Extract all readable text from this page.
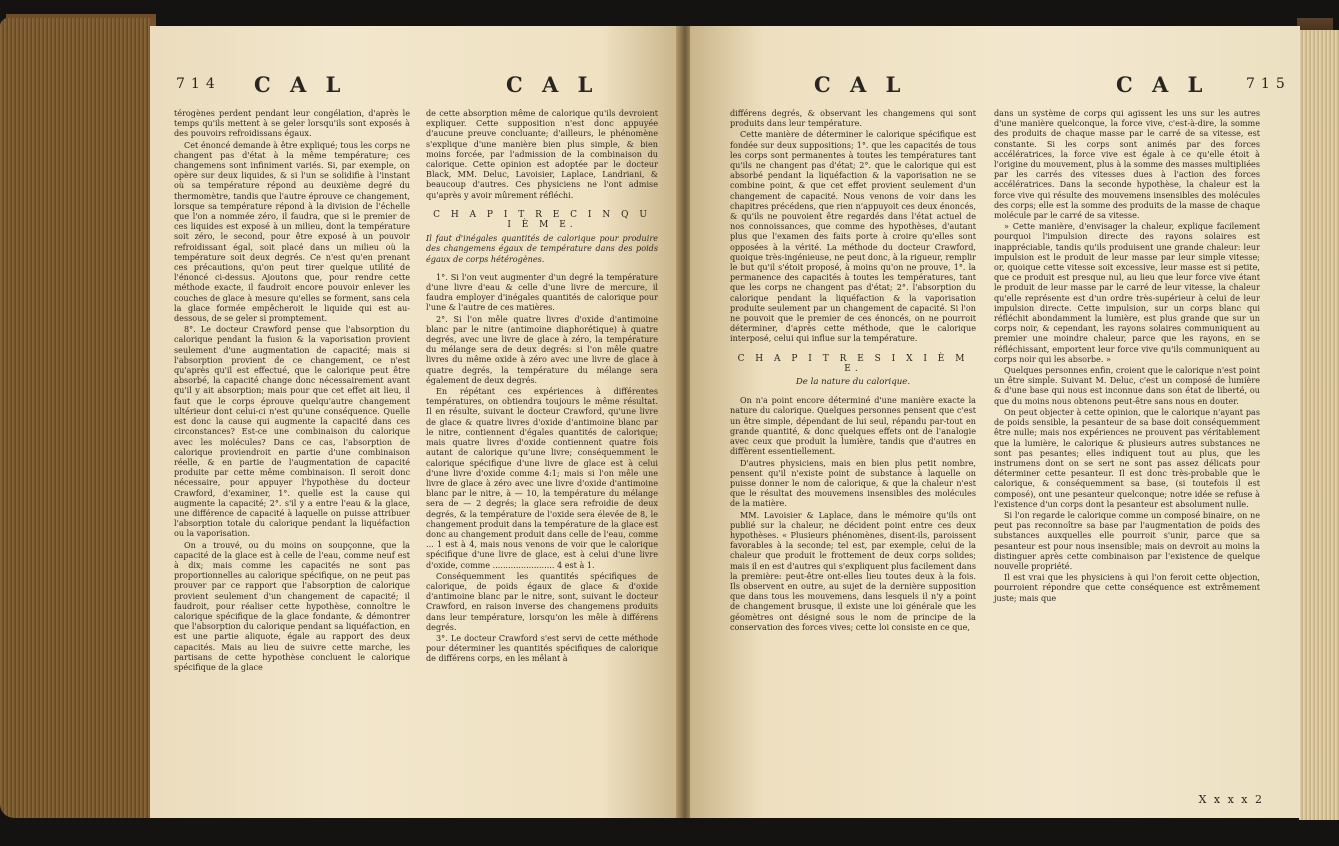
714 C A L	C A L

térogènes perdent pendant leur congélation, d'après le temps qu'ils mettent à se geler lorsqu'ils sont exposés à des pouvoirs refroidissans égaux.

Cet énoncé demande à être expliqué; tous les corps ne changent pas d'état à la même température; ces changemens sont infiniment variés. Si, par exemple, on opère sur deux liquides, & si l'un se solidifie à l'instant où sa température répond au deuxième degré du thermomètre, tandis que l'autre éprouve ce changement, lorsque sa température répond à la division de l'échelle que l'on a nommée zéro, il faudra, que si le premier de ces liquides est exposé à un milieu, dont la température soit zéro, le second, pour être exposé à un pouvoir refroidissant égal, soit placé dans un milieu où la température soit deux degrés. Ce n'est qu'en prenant ces précautions, qu'on peut tirer quelque utilité de l'énoncé ci-dessus. Ajoutons que, pour rendre cette méthode exacte, il faudroit encore pouvoir enlever les couches de glace à mesure qu'elles se forment, sans cela la glace formée empêcheroit le liquide qui est au-dessous, de se geler si promptement.

8°. Le docteur Crawford pense que l'absorption du calorique pendant la fusion & la vaporisation provient seulement d'une augmentation de capacité; mais si l'absorption provient de ce changement, ce n'est qu'après qu'il est effectué, que le calorique peut être absorbé, la capacité change donc nécessairement avant qu'il y ait absorption; mais pour que cet effet ait lieu, il faut que le corps éprouve quelqu'autre changement ultérieur dont celui-ci n'est qu'une conséquence. Quelle est donc la cause qui augmente la capacité dans ces circonstances? Est-ce une combinaison du calorique avec les molécules? Dans ce cas, l'absorption de calorique proviendroit en partie d'une combinaison réelle, & en partie de l'augmentation de capacité produite par cette même combinaison. Il seroit donc nécessaire, pour appuyer l'hypothèse du docteur Crawford, d'examiner, 1°. quelle est la cause qui augmente la capacité; 2°. s'il y a entre l'eau & la glace, une différence de capacité à laquelle on puisse attribuer l'absorption totale du calorique pendant la liquéfaction ou la vaporisation.

On a trouvé, ou du moins on soupçonne, que la capacité de la glace est à celle de l'eau, comme neuf est à dix; mais comme les capacités ne sont pas proportionnelles au calorique spécifique, on ne peut pas prouver par ce rapport que l'absorption de calorique provient seulement d'un changement de capacité; il faudroit, pour réaliser cette hypothèse, connoître le calorique spécifique de la glace fondante, & démontrer que l'absorption du calorique pendant sa liquéfaction, en est une partie aliquote, égale au rapport des deux capacités. Mais au lieu de suivre cette marche, les partisans de cette hypothèse concluent le calorique spécifique de la glace

de cette absorption même de calorique qu'ils devroient expliquer. Cette supposition n'est donc appuyée d'aucune preuve concluante; d'ailleurs, le phénomène s'explique d'une manière bien plus simple, & bien moins forcée, par l'admission de la combinaison du calorique. Cette opinion est adoptée par le docteur Black, MM. Deluc, Lavoisier, Laplace, Landriani, & beaucoup d'autres. Ces physiciens ne l'ont admise qu'après y avoir mûrement réfléchi.

C H A P I T R E C I N Q U I È M E.

Il faut d'inégales quantités de calorique pour produire des changemens égaux de température dans des poids égaux de corps hétérogènes.

1°. Si l'on veut augmenter d'un degré la température d'une livre d'eau & celle d'une livre de mercure, il faudra employer d'inégales quantités de calorique pour l'une & l'autre de ces matières.

2°. Si l'on mêle quatre livres d'oxide d'antimoine blanc par le nitre (antimoine diaphorétique) à quatre degrés, avec une livre de glace à zéro, la température du mélange sera de deux degrés: si l'on mêle quatre livres du même oxide à zéro avec une livre de glace à quatre degrés, la température du mélange sera également de deux degrés.

En répétant ces expériences à différentes températures, on obtiendra toujours le même résultat. Il en résulte, suivant le docteur Crawford, qu'une livre de glace & quatre livres d'oxide d'antimoine blanc par le nitre, contiennent d'égales quantités de calorique; mais quatre livres d'oxide contiennent quatre fois autant de calorique qu'une livre; conséquemment le calorique spécifique d'une livre de glace est à celui d'une livre d'oxide comme 4:1; mais si l'on mêle une livre de glace à zéro avec une livre d'oxide d'antimoine blanc par le nitre, à — 10, la température du mélange sera de — 2 degrés; la glace sera refroidie de deux degrés, & la température de l'oxide sera élevée de 8, le changement produit dans la température de la glace est donc au changement produit dans celle de l'eau, comme ... 1 est à 4, mais nous venons de voir que le calorique spécifique d'une livre de glace, est à celui d'une livre d'oxide, comme ........................ 4 est à 1.

Conséquemment les quantités spécifiques de calorique, de poids égaux de glace & d'oxide d'antimoine blanc par le nitre, sont, suivant le docteur Crawford, en raison inverse des changemens produits dans leur température, lorsqu'on les mêle à différens degrés.

3°. Le docteur Crawford s'est servi de cette méthode pour déterminer les quantités spécifiques de calorique de différens corps, en les mêlant à

C A L	C A L	715

différens degrés, & observant les changemens qui sont produits dans leur température.

Cette manière de déterminer le calorique spécifique est fondée sur deux suppositions; 1°. que les capacités de tous les corps sont permanentes à toutes les températures tant qu'ils ne changent pas d'état; 2°. que le calorique qui est absorbé pendant la liquéfaction & la vaporisation ne se combine point, & que cet effet provient seulement d'un changement de capacité. Nous venons de voir dans les chapitres précédens, que rien n'appuyoit ces deux énoncés, & qu'ils ne pouvoient être regardés dans l'état actuel de nos connoissances, que comme des hypothèses, d'autant plus que l'examen des faits porte à croire qu'elles sont opposées à la vérité. La méthode du docteur Crawford, quoique très-ingénieuse, ne peut donc, à la rigueur, remplir le but qu'il s'étoit proposé, à moins qu'on ne prouve, 1°. la permanence des capacités à toutes les températures, tant que les corps ne changent pas d'état; 2°. l'absorption du calorique pendant la liquéfaction & la vaporisation produite seulement par un changement de capacité. Si l'on ne pouvoit que le premier de ces énoncés, on ne pourroit déterminer, d'après cette méthode, que le calorique interposé, celui qui influe sur la température.

C H A P I T R E S I X I È M E.
De la nature du calorique.

On n'a point encore déterminé d'une manière exacte la nature du calorique. Quelques personnes pensent que c'est un être simple, dépendant de lui seul, répandu par-tout en grande quantité, & donc quelques effets ont de l'analogie avec ceux que produit la lumière, tandis que d'autres en diffèrent essentiellement.

D'autres physiciens, mais en bien plus petit nombre, pensent qu'il n'existe point de substance à laquelle on puisse donner le nom de calorique, & que la chaleur n'est que le résultat des mouvemens insensibles des molécules de la matière.

MM. Lavoisier & Laplace, dans le mémoire qu'ils ont publié sur la chaleur, ne décident point entre ces deux hypothèses. « Plusieurs phénomènes, disent-ils, paroissent favorables à la seconde; tel est, par exemple, celui de la chaleur que produit le frottement de deux corps solides; mais il en est d'autres qui s'expliquent plus facilement dans la première: peut-être ont-elles lieu toutes deux à la fois. Ils observent en outre, au sujet de la dernière supposition que dans tous les mouvemens, dans lesquels il n'y a point de changement brusque, il existe une loi générale que les géomètres ont désigné sous le nom de principe de la conservation des forces vives; cette loi consiste en ce que,

dans un système de corps qui agissent les uns sur les autres d'une manière quelconque, la force vive, c'est-à-dire, la somme des produits de chaque masse par le carré de sa vitesse, est constante. Si les corps sont animés par des forces accélératrices, la force vive est égale à ce qu'elle étoit à l'origine du mouvement, plus à la somme des masses multipliées par les carrés des vitesses dues à l'action des forces accélératrices. Dans la seconde hypothèse, la chaleur est la force vive qui résulte des mouvemens insensibles des molécules des corps; elle est la somme des produits de la masse de chaque molécule par le carré de sa vitesse.

» Cette manière, d'envisager la chaleur, explique facilement pourquoi l'impulsion directe des rayons solaires est inappréciable, tandis qu'ils produisent une grande chaleur: leur impulsion est le produit de leur masse par leur simple vitesse; or, quoique cette vitesse soit excessive, leur masse est si petite, que ce produit est presque nul, au lieu que leur force vive étant le produit de leur masse par le carré de leur vitesse, la chaleur qu'elle représente est d'un ordre très-supérieur à celui de leur impulsion directe. Cette impulsion, sur un corps blanc qui réfléchit abondamment la lumière, est plus grande que sur un corps noir, & cependant, les rayons solaires communiquent au premier une moindre chaleur, parce que les rayons, en se réfléchissant, emportent leur force vive qu'ils communiquent au corps noir qui les absorbe. »

Quelques personnes enfin, croient que le calorique n'est point un être simple. Suivant M. Deluc, c'est un composé de lumière & d'une base qui nous est inconnue dans son état de liberté, ou que du moins nous obtenons peut-être sans nous en douter.

On peut objecter à cette opinion, que le calorique n'ayant pas de poids sensible, la pesanteur de sa base doit conséquemment être nulle; mais nos expériences ne prouvent pas véritablement que la lumière, le calorique & plusieurs autres substances ne sont pas pesantes; elles indiquent tout au plus, que les instrumens dont on se sert ne sont pas assez délicats pour déterminer cette pesanteur. Il est donc très-probable que le calorique, & conséquemment sa base, (si toutefois il est composé), ont une pesanteur quelconque; notre idée se refuse à l'existence d'un corps dont la pesanteur est absolument nulle.

Si l'on regarde le calorique comme un composé binaire, on ne peut pas reconnoître sa base par l'augmentation de poids des substances auxquelles elle pourroit s'unir, parce que sa pesanteur est pour nous insensible; mais on devroit au moins la distinguer après cette combinaison par l'existence de quelque nouvelle propriété.

Il est vrai que les physiciens à qui l'on feroit cette objection, pourroient répondre que cette conséquence est extrêmement juste; mais que

X x x x 2
